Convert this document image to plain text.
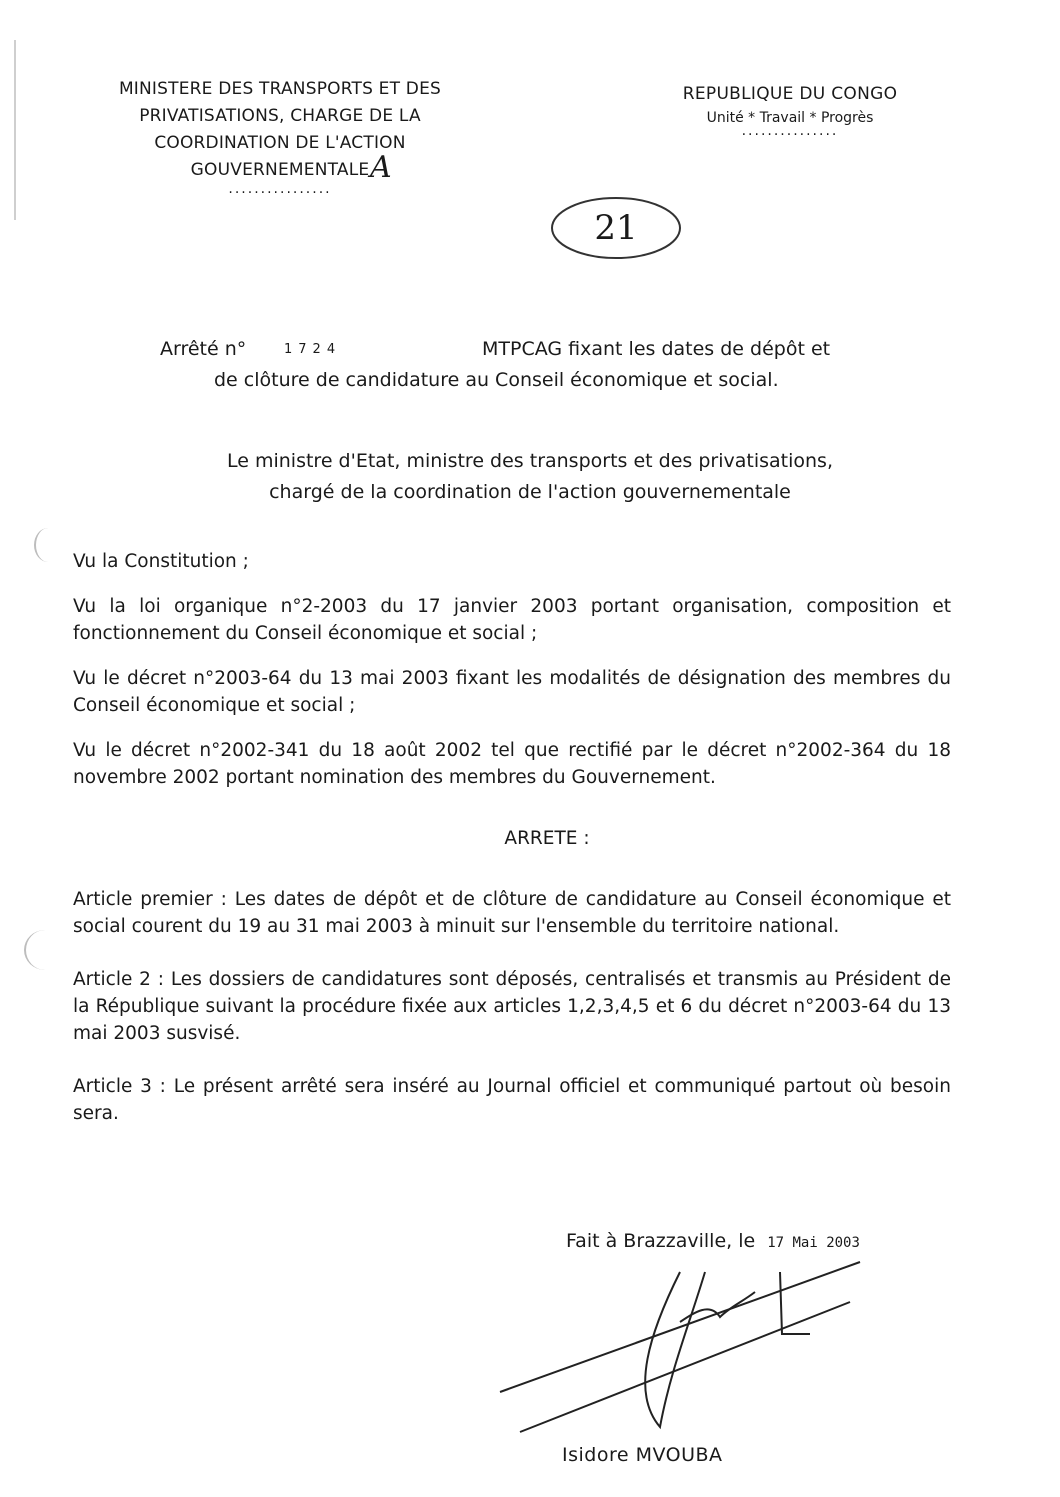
MINISTERE DES TRANSPORTS ET DES
PRIVATISATIONS, CHARGE DE LA
COORDINATION DE L'ACTION
GOUVERNEMENTALE
................
A
REPUBLIQUE DU CONGO
Unité * Travail * Progrès
...............
21
Arrêté n°	1724	MTPCAG fixant les dates de dépôt et
de clôture de candidature au Conseil économique et social.
Le ministre d'Etat, ministre des transports et des privatisations,
chargé de la coordination de l'action gouvernementale

Vu la Constitution ;

Vu la loi organique n°2-2003 du 17 janvier 2003 portant organisation, composition et fonctionnement du Conseil économique et social ;

Vu le décret n°2003-64 du 13 mai 2003 fixant les modalités de désignation des membres du Conseil économique et social ;

Vu le décret n°2002-341 du 18 août 2002 tel que rectifié par le décret n°2002-364 du 18 novembre 2002 portant nomination des membres du Gouvernement.

ARRETE :

Article premier : Les dates de dépôt et de clôture de candidature au Conseil économique et social courent du 19 au 31 mai 2003 à minuit sur l'ensemble du territoire national.

Article 2 : Les dossiers de candidatures sont déposés, centralisés et transmis au Président de la République suivant la procédure fixée aux articles 1,2,3,4,5 et 6 du décret n°2003-64 du 13 mai 2003 susvisé.

Article 3 : Le présent arrêté sera inséré au Journal officiel et communiqué partout où besoin sera.

Fait à Brazzaville, le 17 Mai 2003
Isidore MVOUBA
